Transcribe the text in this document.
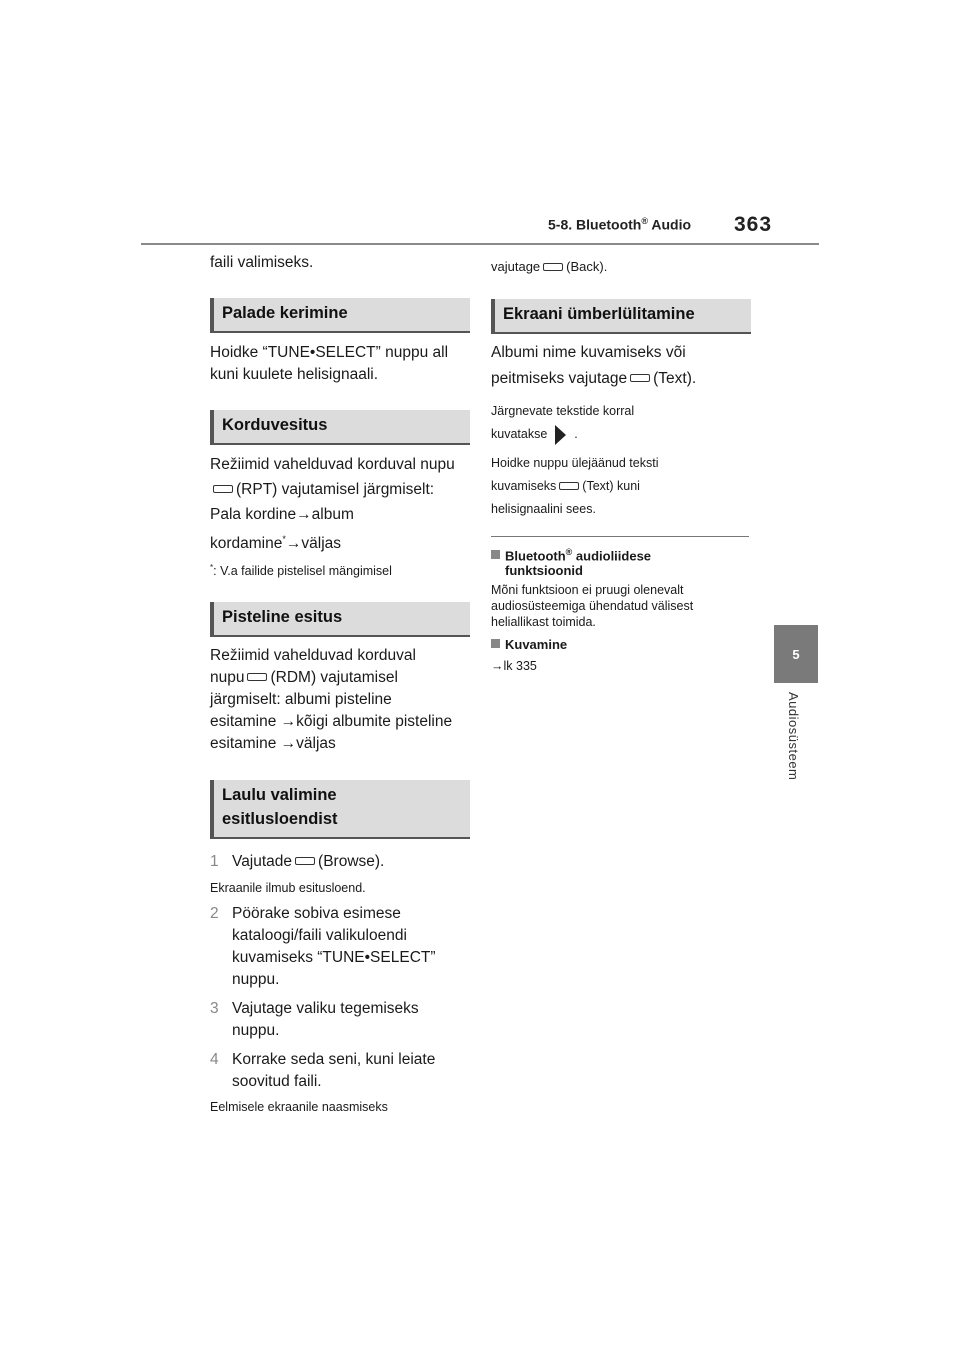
5-8. Bluetooth® Audio 363
5
Audiosüsteem
faili valimiseks.
Palade kerimine
Hoidke “TUNE•SELECT” nuppu all kuni kuulete helisignaali.
Korduvesitus
Režiimid vahelduvad korduval nupu
(RPT) vajutamisel järgmiselt:
Pala kordine→album
kordamine*→väljas
*: V.a failide pistelisel mängimisel
Pisteline esitus
Režiimid vahelduvad korduval
nupu (RDM) vajutamisel
järgmiselt: albumi pisteline
esitamine →kõigi albumite pisteline
esitamine →väljas
Laulu valimine
esitlusloendist
1 Vajutade (Browse).
Ekraanile ilmub esitusloend.
2 Pöörake sobiva esimese kataloogi/faili valikuloendi kuvamiseks “TUNE•SELECT” nuppu.
3 Vajutage valiku tegemiseks nuppu.
4 Korrake seda seni, kuni leiate soovitud faili.
Eelmisele ekraanile naasmiseks
vajutage (Back).
Ekraani ümberlülitamine
Albumi nime kuvamiseks või
peitmiseks vajutage (Text).
Järgnevate tekstide korral
kuvatakse .
Hoidke nuppu ülejäänud teksti
kuvamiseks (Text) kuni
helisignaalini sees.
Bluetooth® audioliidese
funktsioonid
Mõni funktsioon ei pruugi olenevalt audiosüsteemiga ühendatud välisest heliallikast toimida.
Kuvamine
→lk 335
